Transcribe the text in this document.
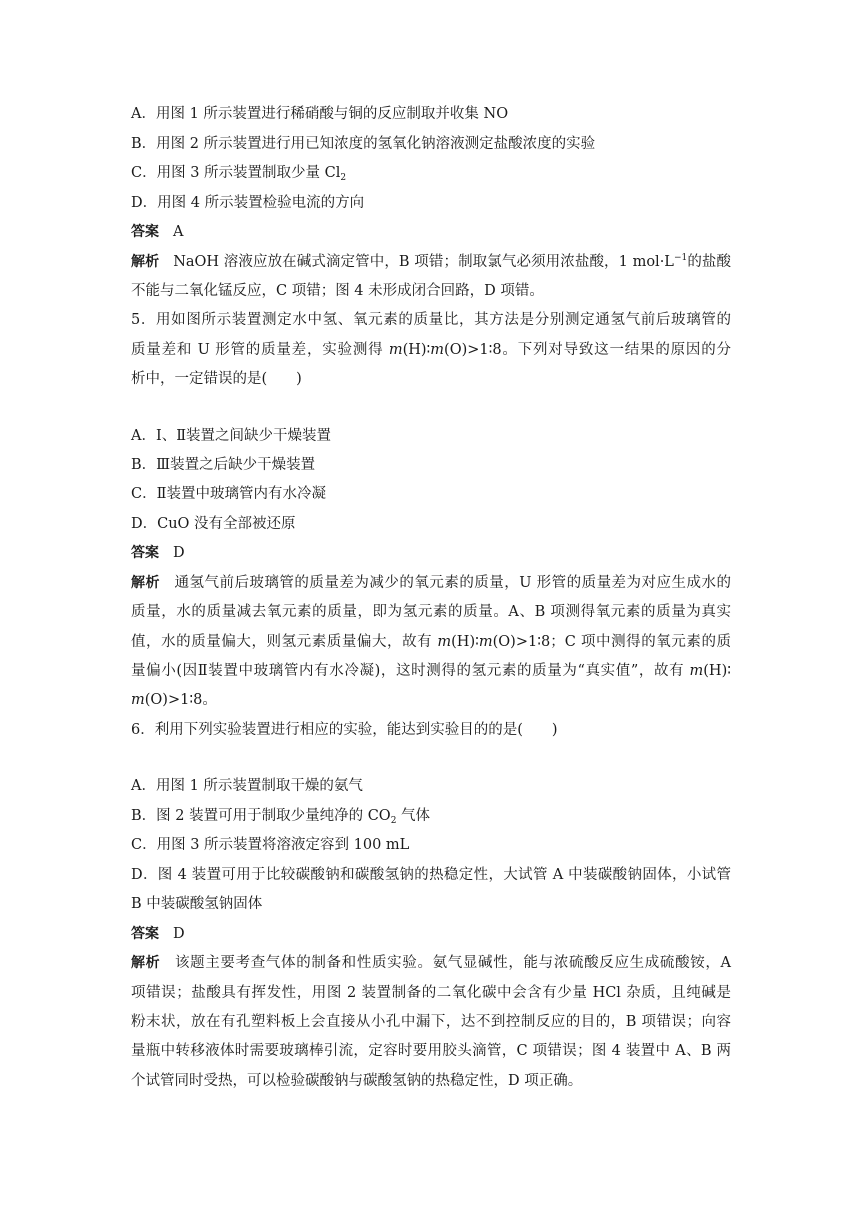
A．用图 1 所示装置进行稀硝酸与铜的反应制取并收集 NO
B．用图 2 所示装置进行用已知浓度的氢氧化钠溶液测定盐酸浓度的实验
C．用图 3 所示装置制取少量 $Cl_2$
D．用图 4 所示装置检验电流的方向
答案 A
解析 NaOH 溶液应放在碱式滴定管中，B 项错；制取氯气必须用浓盐酸，1 $mol\cdot L^{-1}$的盐酸
不能与二氧化锰反应，C 项错；图 4 未形成闭合回路，D 项错。
5．用如图所示装置测定水中氢、氧元素的质量比，其方法是分别测定通氢气前后玻璃管的
质量差和 U 形管的质量差，实验测得 m(H)∶m(O)>1∶8。下列对导致这一结果的原因的分
析中，一定错误的是(　　)
A．Ⅰ、Ⅱ装置之间缺少干燥装置
B．Ⅲ装置之后缺少干燥装置
C．Ⅱ装置中玻璃管内有水冷凝
D．CuO 没有全部被还原
答案 D
解析 通氢气前后玻璃管的质量差为减少的氧元素的质量，U 形管的质量差为对应生成水的
质量，水的质量减去氧元素的质量，即为氢元素的质量。A、B 项测得氧元素的质量为真实
值，水的质量偏大，则氢元素质量偏大，故有 m(H)∶m(O)>1∶8；C 项中测得的氧元素的质
量偏小(因Ⅱ装置中玻璃管内有水冷凝)，这时测得的氢元素的质量为“真实值”，故有 m(H)∶
m(O)>1∶8。
6．利用下列实验装置进行相应的实验，能达到实验目的的是(　　)
A．用图 1 所示装置制取干燥的氨气
B．图 2 装置可用于制取少量纯净的 $CO_2$ 气体
C．用图 3 所示装置将溶液定容到 100 mL
D．图 4 装置可用于比较碳酸钠和碳酸氢钠的热稳定性，大试管 A 中装碳酸钠固体，小试管
B 中装碳酸氢钠固体
答案 D
解析 该题主要考查气体的制备和性质实验。氨气显碱性，能与浓硫酸反应生成硫酸铵，A
项错误；盐酸具有挥发性，用图 2 装置制备的二氧化碳中会含有少量 HCl 杂质，且纯碱是
粉末状，放在有孔塑料板上会直接从小孔中漏下，达不到控制反应的目的，B 项错误；向容
量瓶中转移液体时需要玻璃棒引流，定容时要用胶头滴管，C 项错误；图 4 装置中 A、B 两
个试管同时受热，可以检验碳酸钠与碳酸氢钠的热稳定性，D 项正确。
